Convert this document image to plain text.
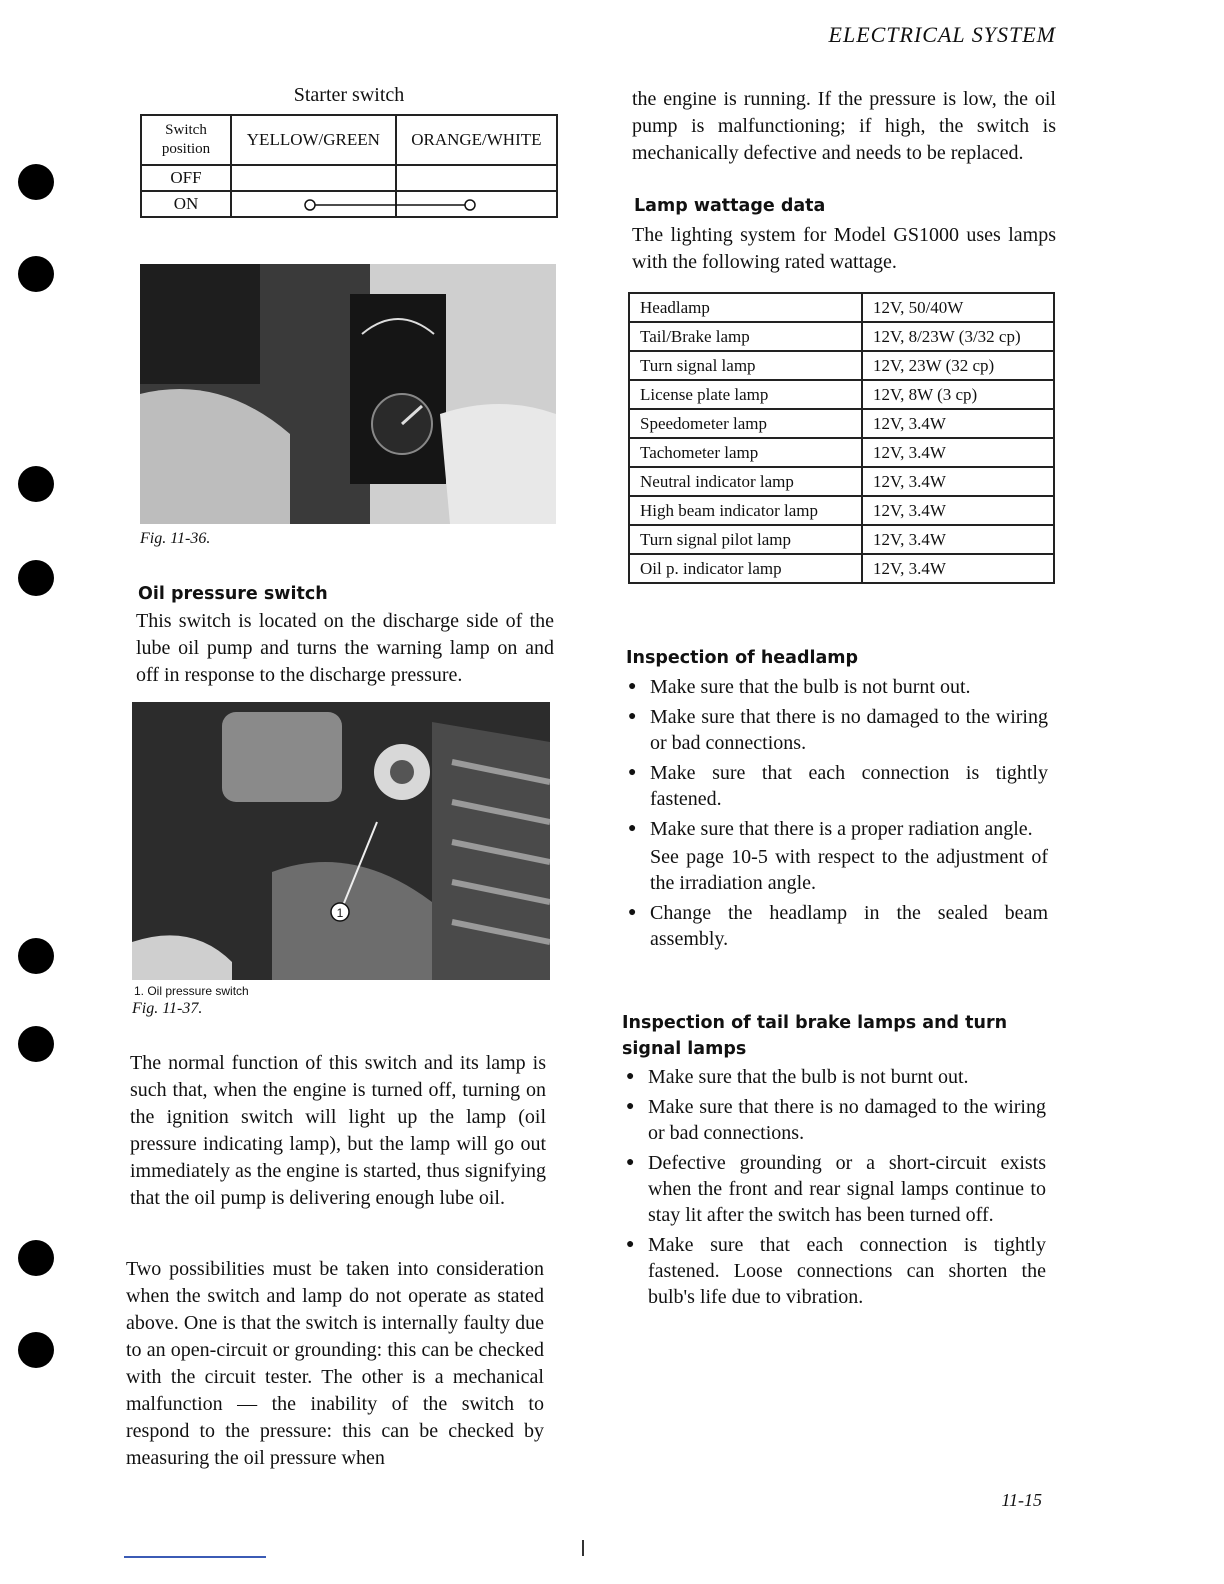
ELECTRICAL SYSTEM
Starter switch
Switch position	YELLOW/GREEN	ORANGE/WHITE
OFF		
ON		
Fig. 11-36.
Oil pressure switch
This switch is located on the discharge side of the lube oil pump and turns the warning lamp on and off in response to the discharge pressure.
1
1. Oil pressure switch
Fig. 11-37.
The normal function of this switch and its lamp is such that, when the engine is turned off, turning on the ignition switch will light up the lamp (oil pressure indicating lamp), but the lamp will go out immediately as the engine is started, thus signifying that the oil pump is delivering enough lube oil.
Two possibilities must be taken into consideration when the switch and lamp do not operate as stated above. One is that the switch is internally faulty due to an open-circuit or grounding: this can be checked with the circuit tester. The other is a mechanical malfunction — the inability of the switch to respond to the pressure: this can be checked by measuring the oil pressure when
the engine is running. If the pressure is low, the oil pump is malfunctioning; if high, the switch is mechanically defective and needs to be replaced.
Lamp wattage data
The lighting system for Model GS1000 uses lamps with the following rated wattage.
Headlamp	12V, 50/40W
Tail/Brake lamp	12V, 8/23W (3/32 cp)
Turn signal lamp	12V, 23W (32 cp)
License plate lamp	12V, 8W (3 cp)
Speedometer lamp	12V, 3.4W
Tachometer lamp	12V, 3.4W
Neutral indicator lamp	12V, 3.4W
High beam indicator lamp	12V, 3.4W
Turn signal pilot lamp	12V, 3.4W
Oil p. indicator lamp	12V, 3.4W
Inspection of headlamp
● Make sure that the bulb is not burnt out.
● Make sure that there is no damaged to the wiring or bad connections.
● Make sure that each connection is tightly fastened.
● Make sure that there is a proper radiation angle.
See page 10-5 with respect to the adjustment of the irradiation angle.
● Change the headlamp in the sealed beam assembly.
Inspection of tail brake lamps and turn signal lamps
● Make sure that the bulb is not burnt out.
● Make sure that there is no damaged to the wiring or bad connections.
● Defective grounding or a short-circuit exists when the front and rear signal lamps continue to stay lit after the switch has been turned off.
● Make sure that each connection is tightly fastened. Loose connections can shorten the bulb's life due to vibration.
11-15
